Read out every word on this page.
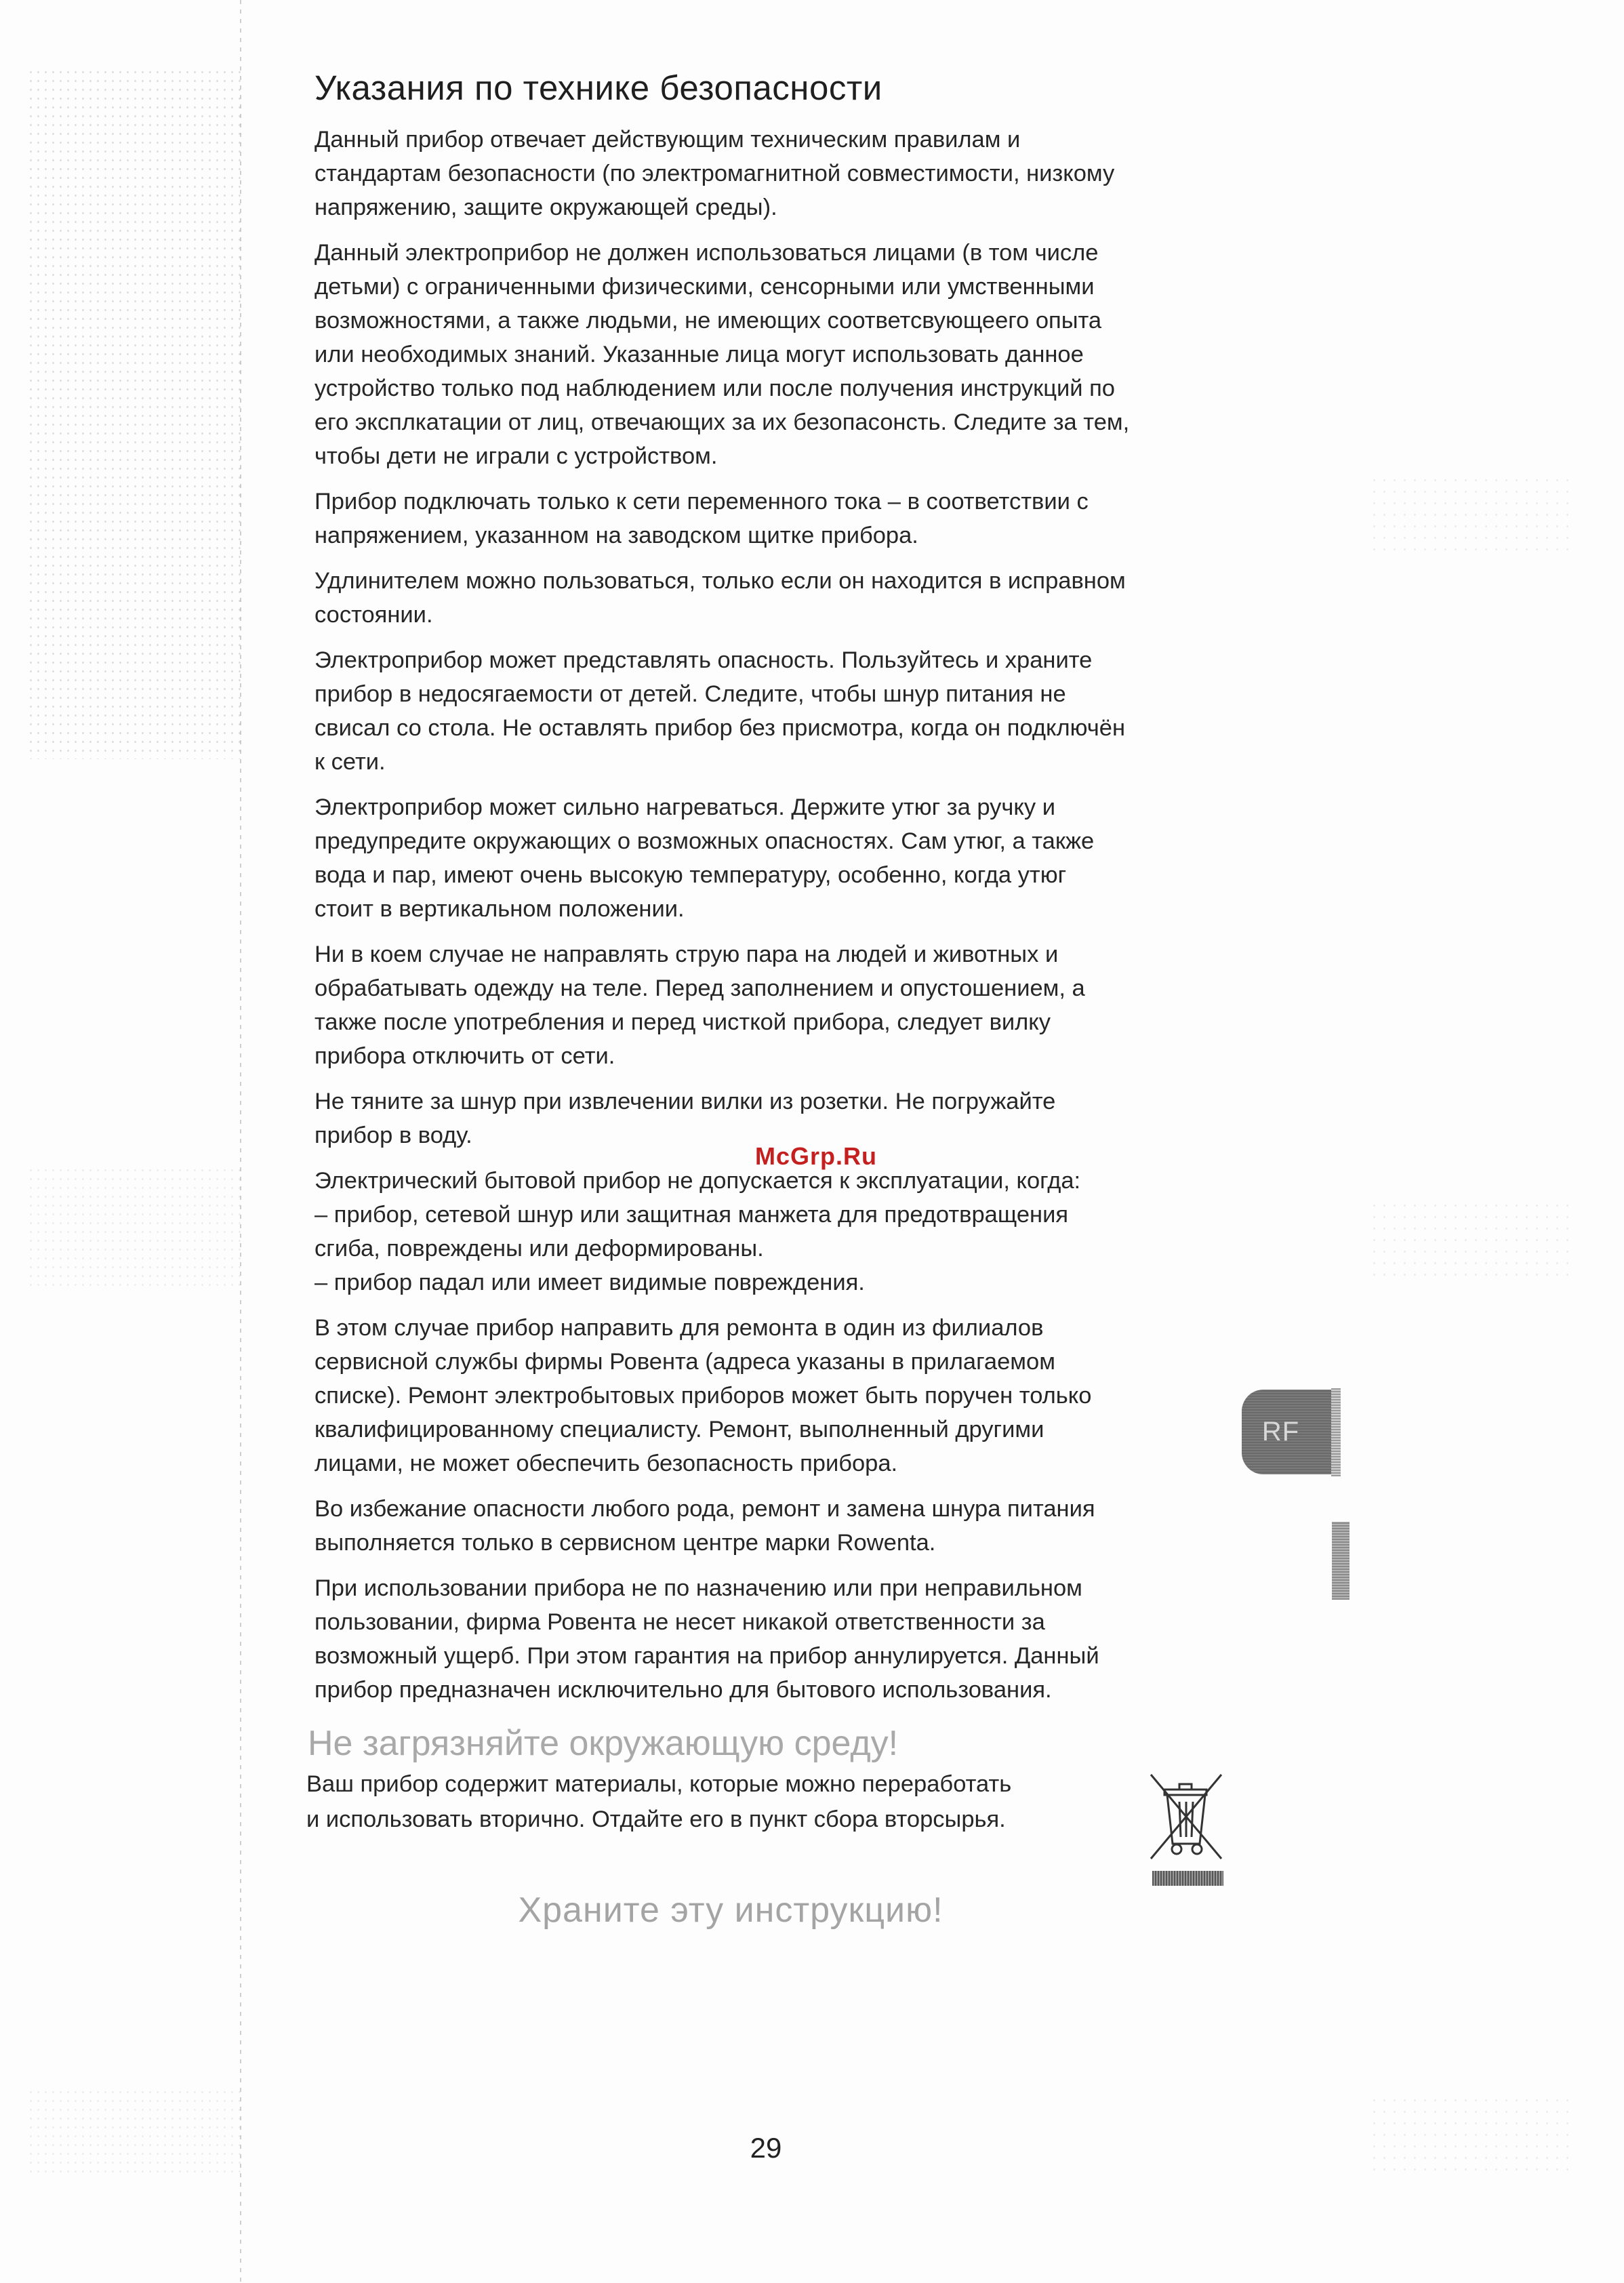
Указания по технике безопасности

Данный прибор отвечает действующим техническим правилам и
стандартам безопасности (по электромагнитной совместимости, низкому
напряжению, защите окружающей среды).

Данный электроприбор не должен использоваться лицами (в том числе
детьми) с ограниченными физическими, сенсорными или умственными
возможностями, а также людьми, не имеющих соответсвующеего опыта
или необходимых знаний. Указанные лица могут использовать данное
устройство только под наблюдением или после получения инструкций по
его эксплкатации от лиц, отвечающих за их безопасонсть. Следите за тем,
чтобы дети не играли с устройством.

Прибор подключать только к сети переменного тока – в соответствии с
напряжением, указанном на заводском щитке прибора.

Удлинителем можно пользоваться, только если он находится в исправном
состоянии.

Электроприбор может представлять опасность. Пользуйтесь и храните
прибор в недосягаемости от детей. Следите, чтобы шнур питания не
свисал со стола. Не оставлять прибор без присмотра, когда он подключён
к сети.

Электроприбор может сильно нагреваться. Держите утюг за ручку и
предупредите окружающих о возможных опасностях. Сам утюг, а также
вода и пар, имеют очень высокую температуру, особенно, когда утюг
стоит в вертикальном положении.

Ни в коем случае не направлять струю пара на людей и животных и
обрабатывать одежду на теле. Перед заполнением и опустошением, а
также после употребления и перед чисткой прибора, следует вилку
прибора отключить от сети.

Не тяните за шнур при извлечении вилки из розетки. Не погружайте
прибор в воду.

Электрический бытовой прибор не допускается к эксплуатации, когда:
– прибор, сетевой шнур или защитная манжета для предотвращения
сгиба, повреждены или деформированы.
– прибор падал или имеет видимые повреждения.

В этом случае прибор направить для ремонта в один из филиалов
сервисной службы фирмы Ровента (адреса указаны в прилагаемом
списке). Ремонт электробытовых приборов может быть поручен только
квалифицированному специалисту. Ремонт, выполненный другими
лицами, не может обеспечить безопасность прибора.

Во избежание опасности любого рода, ремонт и замена шнура питания
выполняется только в сервисном центре марки Rowenta.

При использовании прибора не по назначению или при неправильном
пользовании, фирма Ровента не несет никакой ответственности за
возможный ущерб. При этом гарантия на прибор аннулируется. Данный
прибор предназначен исключительно для бытового использования.

Не загрязняйте окружающую среду!

Ваш прибор содержит материалы, которые можно переработать
и использовать вторично. Отдайте его в пункт сбора вторсырья.

McGrp.Ru
Храните эту инструкцию!
RF
29
